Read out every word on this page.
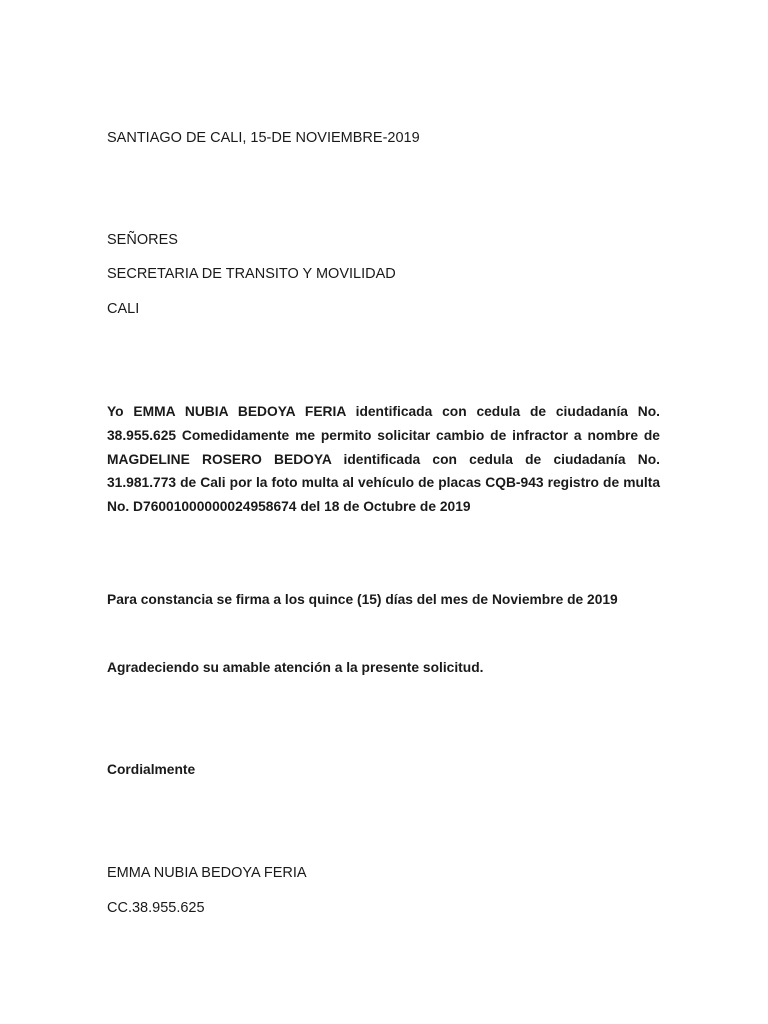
SANTIAGO DE CALI, 15-DE NOVIEMBRE-2019

SEÑORES

SECRETARIA DE TRANSITO Y MOVILIDAD

CALI

Yo EMMA NUBIA BEDOYA FERIA identificada con cedula de ciudadanía No. 38.955.625 Comedidamente me permito solicitar cambio de infractor a nombre de MAGDELINE ROSERO BEDOYA identificada con cedula de ciudadanía No. 31.981.773 de Cali por la foto multa al vehículo de placas CQB-943 registro de multa No. D76001000000024958674 del 18 de Octubre de 2019

Para constancia se firma a los quince (15) días del mes de Noviembre de 2019

Agradeciendo su amable atención a la presente solicitud.

Cordialmente

EMMA NUBIA BEDOYA FERIA

CC.38.955.625
